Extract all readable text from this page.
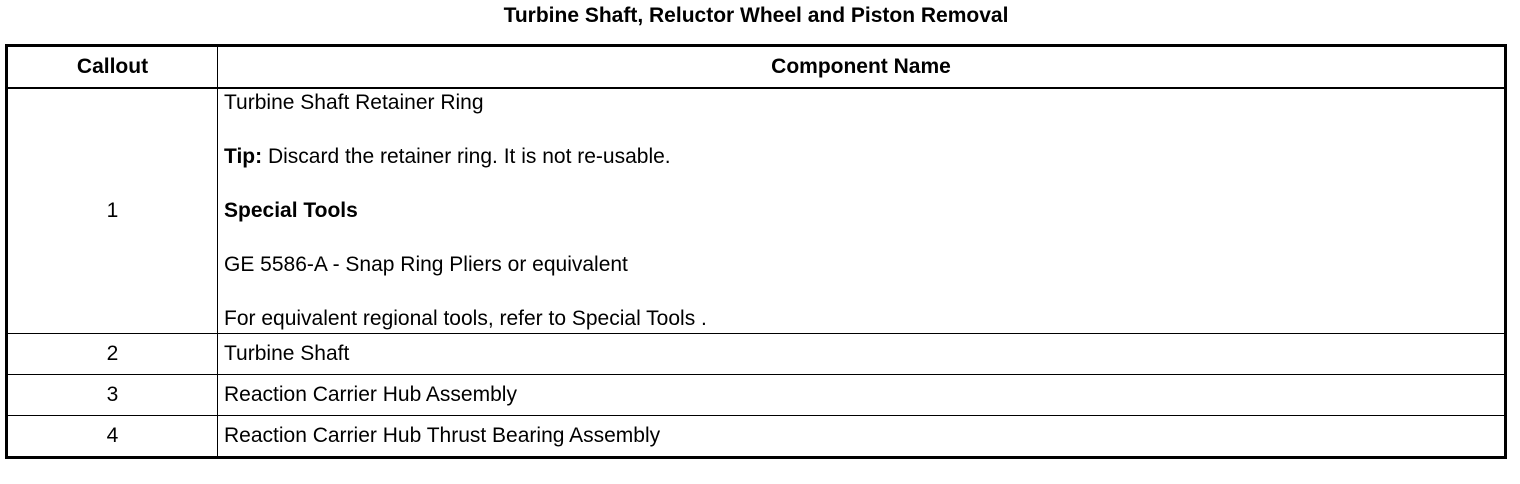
Turbine Shaft, Reluctor Wheel and Piston Removal
Callout	Component Name
1	Turbine Shaft Retainer Ring

Tip: Discard the retainer ring. It is not re-usable.

Special Tools

GE 5586-A - Snap Ring Pliers or equivalent

For equivalent regional tools, refer to Special Tools .

2	Turbine Shaft
3	Reaction Carrier Hub Assembly
4	Reaction Carrier Hub Thrust Bearing Assembly
